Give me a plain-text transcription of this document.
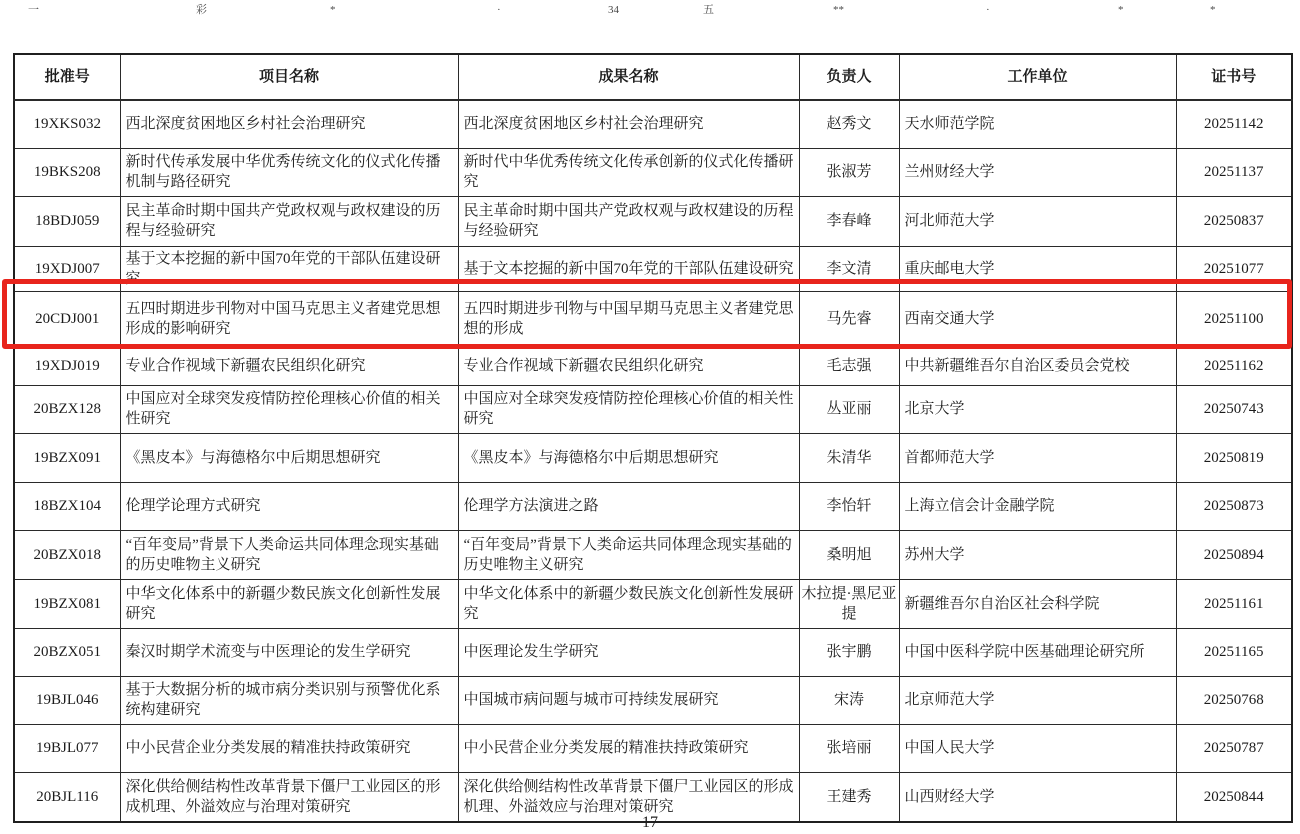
一	彩	*	·	34	五	**	·	*	*
批准号	项目名称	成果名称	负责人	工作单位	证书号
19XKS032	西北深度贫困地区乡村社会治理研究	西北深度贫困地区乡村社会治理研究	赵秀文	天水师范学院	20251142
19BKS208	新时代传承发展中华优秀传统文化的仪式化传播机制与路径研究	新时代中华优秀传统文化传承创新的仪式化传播研究	张淑芳	兰州财经大学	20251137
18BDJ059	民主革命时期中国共产党政权观与政权建设的历程与经验研究	民主革命时期中国共产党政权观与政权建设的历程与经验研究	李春峰	河北师范大学	20250837
19XDJ007	基于文本挖掘的新中国70年党的干部队伍建设研究	基于文本挖掘的新中国70年党的干部队伍建设研究	李文清	重庆邮电大学	20251077
20CDJ001	五四时期进步刊物对中国马克思主义者建党思想形成的影响研究	五四时期进步刊物与中国早期马克思主义者建党思想的形成	马先睿	西南交通大学	20251100
19XDJ019	专业合作视域下新疆农民组织化研究	专业合作视域下新疆农民组织化研究	毛志强	中共新疆维吾尔自治区委员会党校	20251162
20BZX128	中国应对全球突发疫情防控伦理核心价值的相关性研究	中国应对全球突发疫情防控伦理核心价值的相关性研究	丛亚丽	北京大学	20250743
19BZX091	《黑皮本》与海德格尔中后期思想研究	《黑皮本》与海德格尔中后期思想研究	朱清华	首都师范大学	20250819
18BZX104	伦理学论理方式研究	伦理学方法演进之路	李怡轩	上海立信会计金融学院	20250873
20BZX018	“百年变局”背景下人类命运共同体理念现实基础的历史唯物主义研究	“百年变局”背景下人类命运共同体理念现实基础的历史唯物主义研究	桑明旭	苏州大学	20250894
19BZX081	中华文化体系中的新疆少数民族文化创新性发展研究	中华文化体系中的新疆少数民族文化创新性发展研究	木拉提·黑尼亚提	新疆维吾尔自治区社会科学院	20251161
20BZX051	秦汉时期学术流变与中医理论的发生学研究	中医理论发生学研究	张宇鹏	中国中医科学院中医基础理论研究所	20251165
19BJL046	基于大数据分析的城市病分类识别与预警优化系统构建研究	中国城市病问题与城市可持续发展研究	宋涛	北京师范大学	20250768
19BJL077	中小民营企业分类发展的精准扶持政策研究	中小民营企业分类发展的精准扶持政策研究	张培丽	中国人民大学	20250787
20BJL116	深化供给侧结构性改革背景下僵尸工业园区的形成机理、外溢效应与治理对策研究	深化供给侧结构性改革背景下僵尸工业园区的形成机理、外溢效应与治理对策研究	王建秀	山西财经大学	20250844
17
